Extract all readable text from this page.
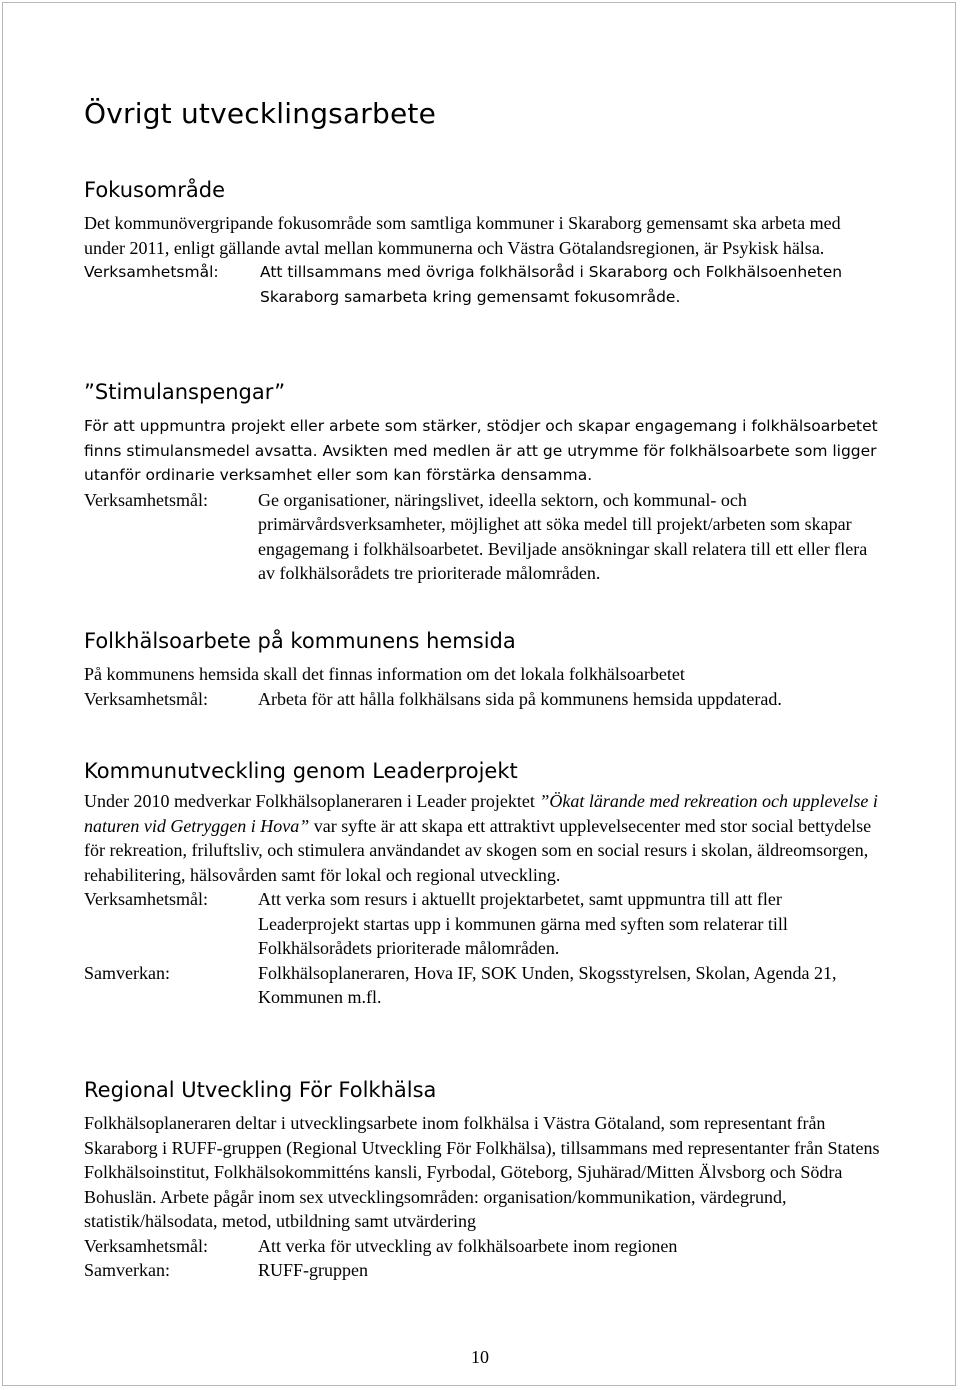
Övrigt utvecklingsarbete
Fokusområde

Det kommunövergripande fokusområde som samtliga kommuner i Skaraborg gemensamt ska arbeta med under 2011, enligt gällande avtal mellan kommunerna och Västra Götalandsregionen, är Psykisk hälsa.

Verksamhetsmål:	Att tillsammans med övriga folkhälsoråd i Skaraborg och Folkhälsoenheten Skaraborg samarbeta kring gemensamt fokusområde.
”Stimulanspengar”

För att uppmuntra projekt eller arbete som stärker, stödjer och skapar engagemang i folkhälsoarbetet finns stimulansmedel avsatta. Avsikten med medlen är att ge utrymme för folkhälsoarbete som ligger utanför ordinarie verksamhet eller som kan förstärka densamma.

Verksamhetsmål:	Ge organisationer, näringslivet, ideella sektorn, och kommunal- och primärvårdsverksamheter, möjlighet att söka medel till projekt/arbeten som skapar engagemang i folkhälsoarbetet. Beviljade ansökningar skall relatera till ett eller flera av folkhälsorådets tre prioriterade målområden.
Folkhälsoarbete på kommunens hemsida

På kommunens hemsida skall det finnas information om det lokala folkhälsoarbetet

Verksamhetsmål:	Arbeta för att hålla folkhälsans sida på kommunens hemsida uppdaterad.
Kommunutveckling genom Leaderprojekt

Under 2010 medverkar Folkhälsoplaneraren i Leader projektet ”Ökat lärande med rekreation och upplevelse i naturen vid Getryggen i Hova” var syfte är att skapa ett attraktivt upplevelsecenter med stor social bettydelse för rekreation, friluftsliv, och stimulera användandet av skogen som en social resurs i skolan, äldreomsorgen, rehabilitering, hälsovården samt för lokal och regional utveckling.

Verksamhetsmål:	Att verka som resurs i aktuellt projektarbetet, samt uppmuntra till att fler Leaderprojekt startas upp i kommunen gärna med syften som relaterar till Folkhälsorådets prioriterade målområden.
Samverkan:	Folkhälsoplaneraren, Hova IF, SOK Unden, Skogsstyrelsen, Skolan, Agenda 21, Kommunen m.fl.
Regional Utveckling För Folkhälsa

Folkhälsoplaneraren deltar i utvecklingsarbete inom folkhälsa i Västra Götaland, som representant från Skaraborg i RUFF-gruppen (Regional Utveckling För Folkhälsa), tillsammans med representanter från Statens Folkhälsoinstitut, Folkhälsokommitténs kansli, Fyrbodal, Göteborg, Sjuhärad/Mitten Älvsborg och Södra Bohuslän. Arbete pågår inom sex utvecklingsområden: organisation/kommunikation, värdegrund, statistik/hälsodata, metod, utbildning samt utvärdering

Verksamhetsmål:	Att verka för utveckling av folkhälsoarbete inom regionen
Samverkan:	RUFF-gruppen
10
